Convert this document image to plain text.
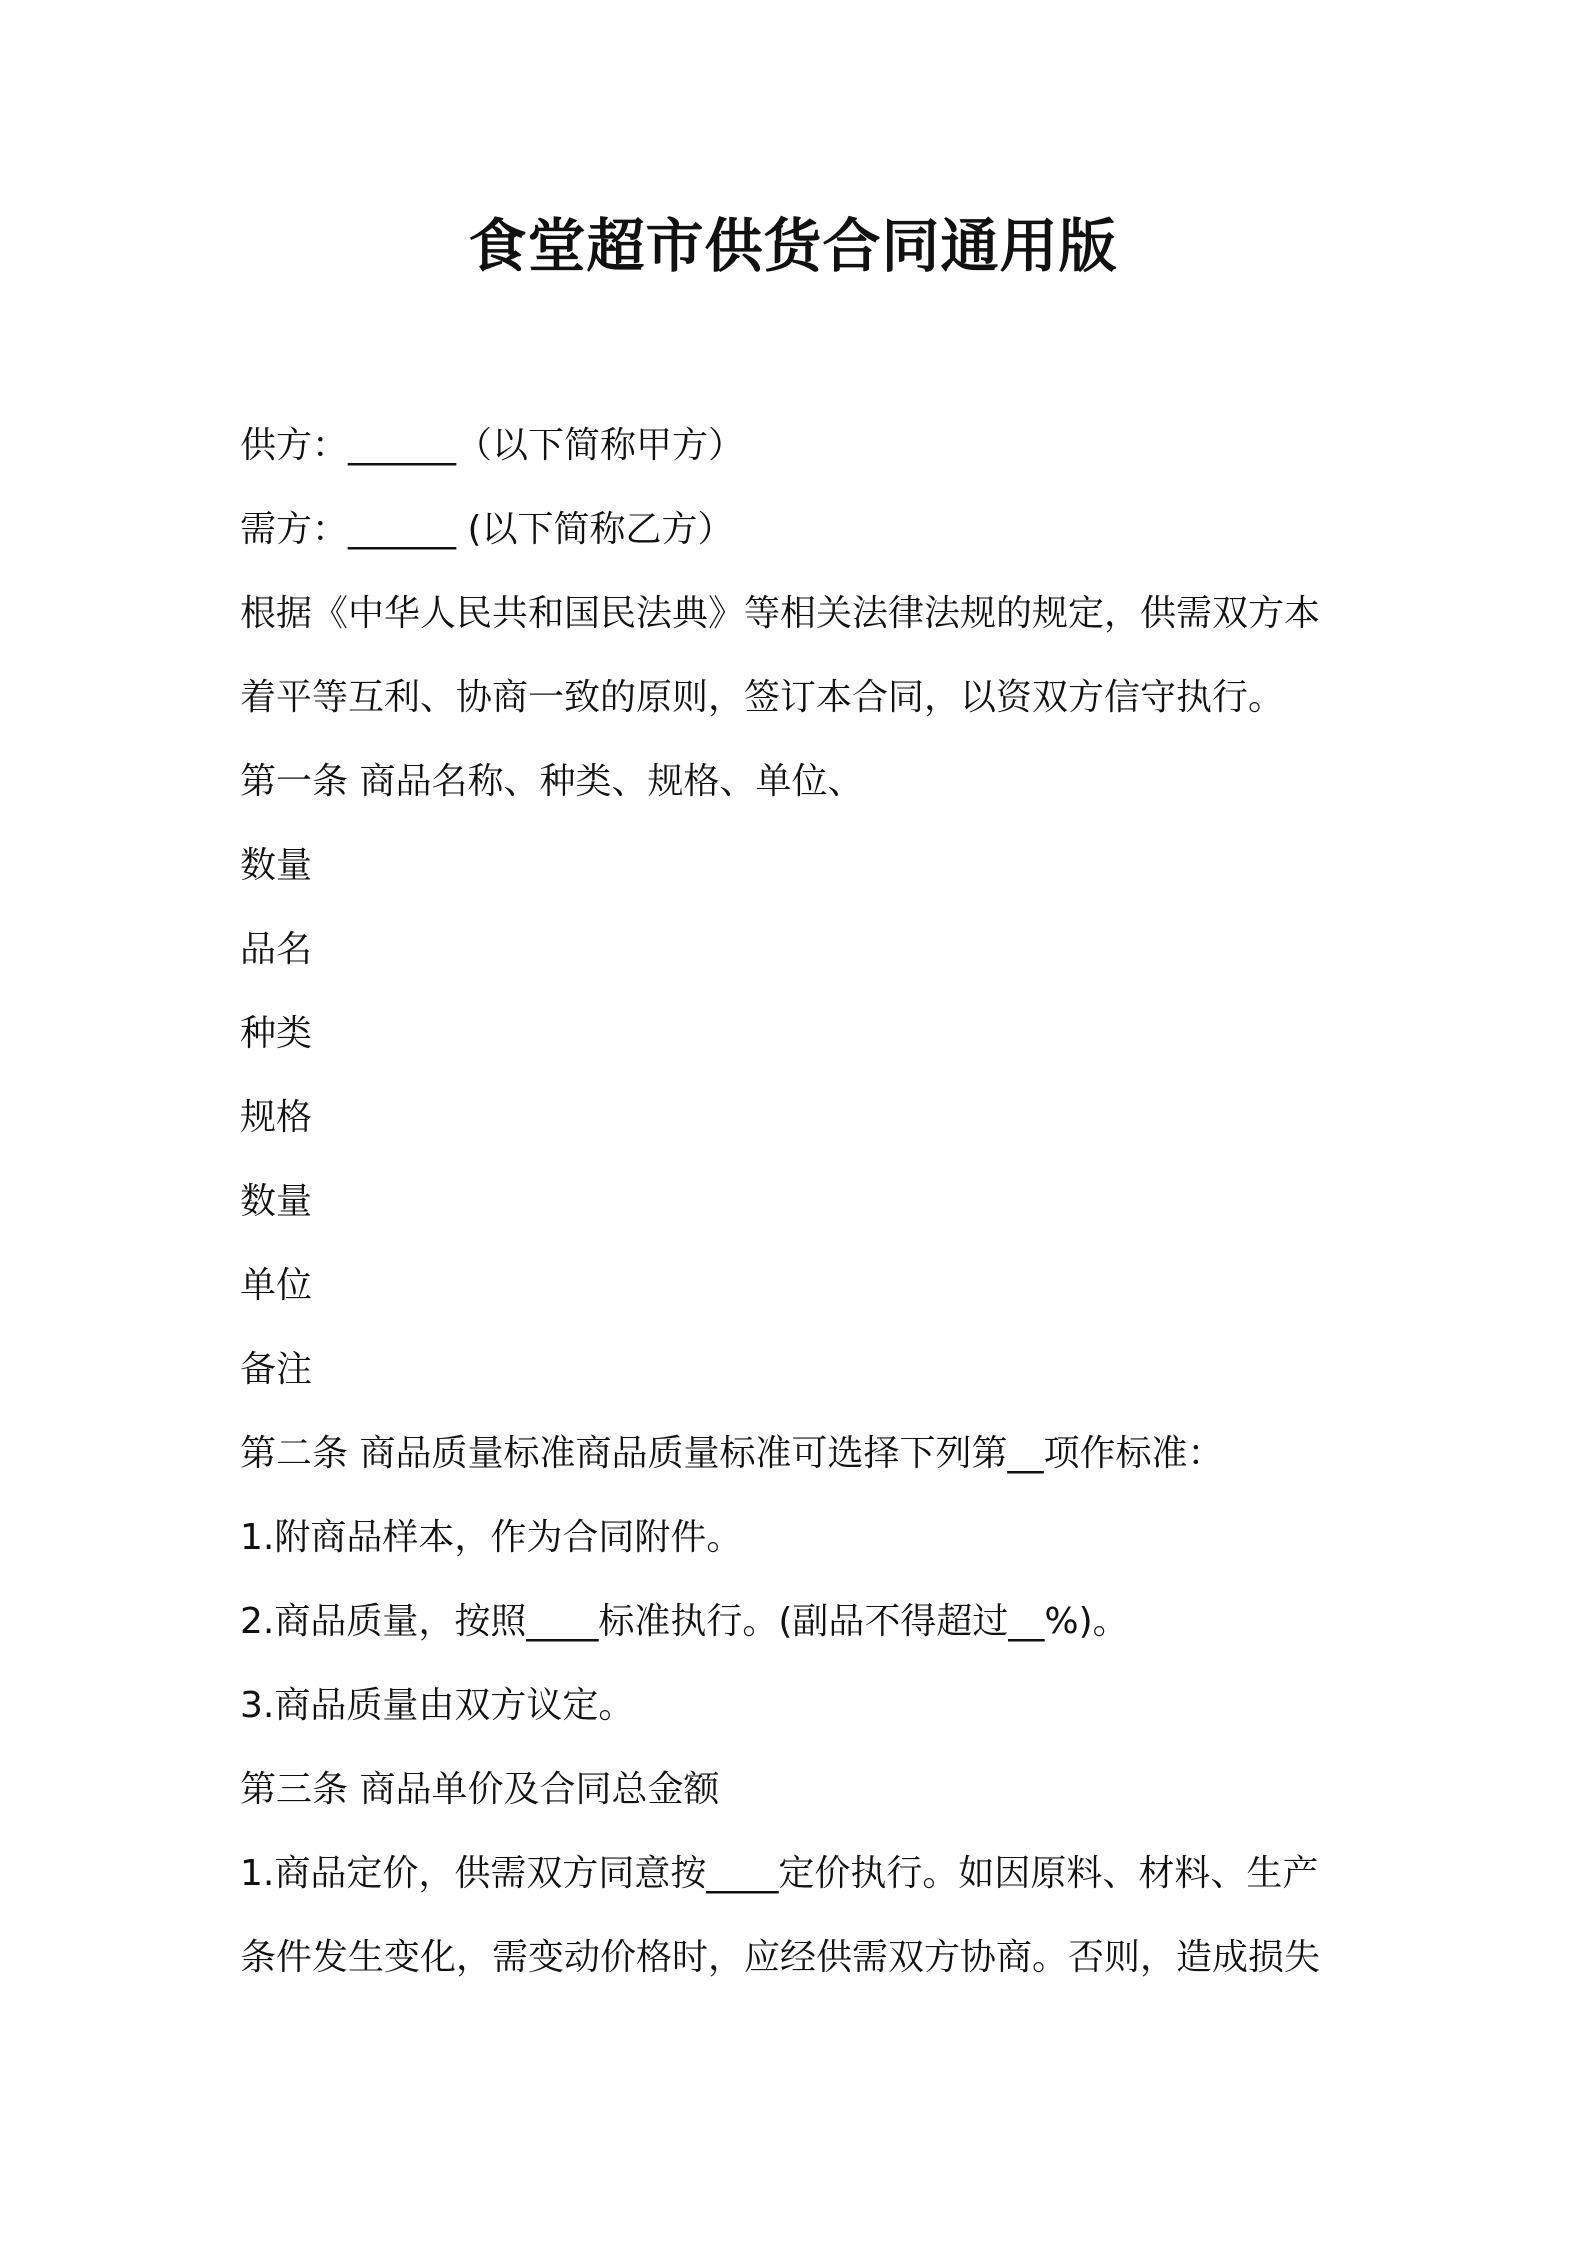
食堂超市供货合同通用版

供方：______（以下简称甲方）

需方：______ (以下简称乙方）

根据《中华人民共和国民法典》等相关法律法规的规定，供需双方本

着平等互利、协商一致的原则，签订本合同，以资双方信守执行。

第一条 商品名称、种类、规格、单位、

数量

品名

种类

规格

数量

单位

备注

第二条 商品质量标准商品质量标准可选择下列第__项作标准：

1.附商品样本，作为合同附件。

2.商品质量，按照____标准执行。(副品不得超过__%)。

3.商品质量由双方议定。

第三条 商品单价及合同总金额

1.商品定价，供需双方同意按____定价执行。如因原料、材料、生产

条件发生变化，需变动价格时，应经供需双方协商。否则，造成损失
